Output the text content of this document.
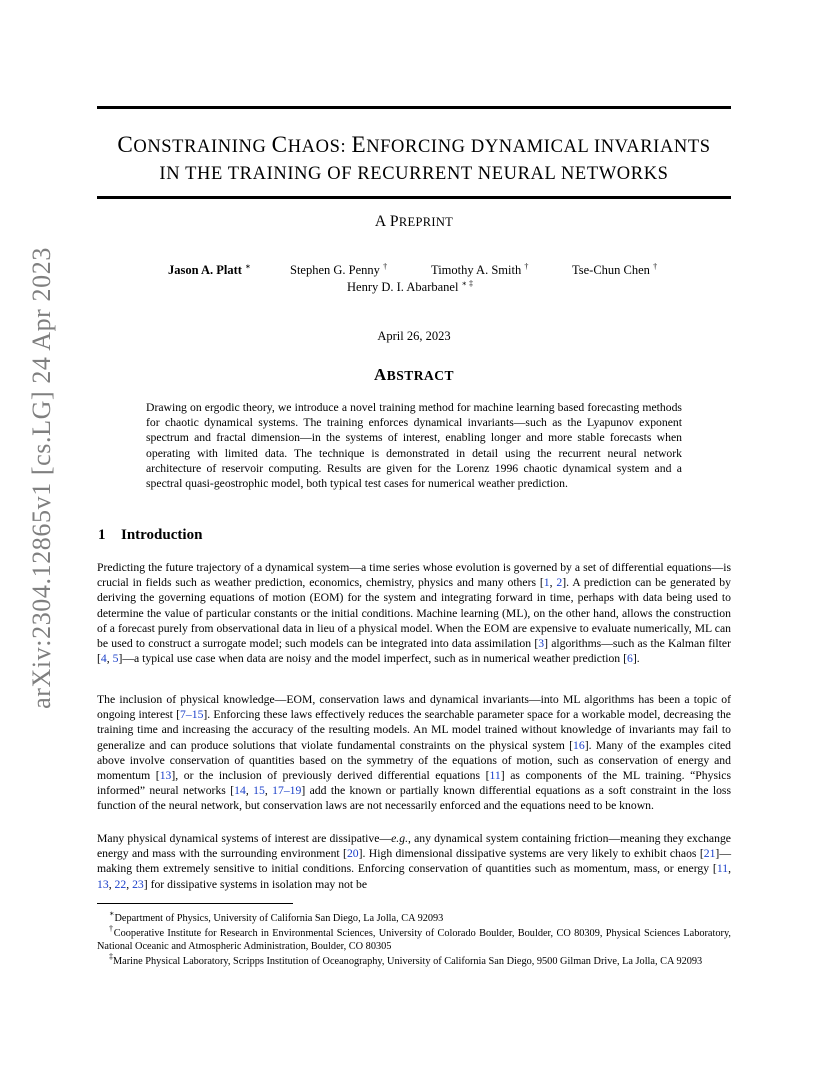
arXiv:2304.12865v1 [cs.LG] 24 Apr 2023
CONSTRAINING CHAOS: ENFORCING DYNAMICAL INVARIANTS
IN THE TRAINING OF RECURRENT NEURAL NETWORKS
A PREPRINT
Jason A. Platt ∗	Stephen G. Penny †	Timothy A. Smith †	Tse-Chun Chen †
Henry D. I. Abarbanel ∗ ‡
April 26, 2023
ABSTRACT
Drawing on ergodic theory, we introduce a novel training method for machine learning based forecasting methods for chaotic dynamical systems. The training enforces dynamical invariants—such as the Lyapunov exponent spectrum and fractal dimension—in the systems of interest, enabling longer and more stable forecasts when operating with limited data. The technique is demonstrated in detail using the recurrent neural network architecture of reservoir computing. Results are given for the Lorenz 1996 chaotic dynamical system and a spectral quasi-geostrophic model, both typical test cases for numerical weather prediction.
1 Introduction

Predicting the future trajectory of a dynamical system—a time series whose evolution is governed by a set of differential equations—is crucial in fields such as weather prediction, economics, chemistry, physics and many others [1, 2]. A prediction can be generated by deriving the governing equations of motion (EOM) for the system and integrating forward in time, perhaps with data being used to determine the value of particular constants or the initial conditions. Machine learning (ML), on the other hand, allows the construction of a forecast purely from observational data in lieu of a physical model. When the EOM are expensive to evaluate numerically, ML can be used to construct a surrogate model; such models can be integrated into data assimilation [3] algorithms—such as the Kalman filter [4, 5]—a typical use case when data are noisy and the model imperfect, such as in numerical weather prediction [6].

The inclusion of physical knowledge—EOM, conservation laws and dynamical invariants—into ML algorithms has been a topic of ongoing interest [7–15]. Enforcing these laws effectively reduces the searchable parameter space for a workable model, decreasing the training time and increasing the accuracy of the resulting models. An ML model trained without knowledge of invariants may fail to generalize and can produce solutions that violate fundamental constraints on the physical system [16]. Many of the examples cited above involve conservation of quantities based on the symmetry of the equations of motion, such as conservation of energy and momentum [13], or the inclusion of previously derived differential equations [11] as components of the ML training. “Physics informed” neural networks [14, 15, 17–19] add the known or partially known differential equations as a soft constraint in the loss function of the neural network, but conservation laws are not necessarily enforced and the equations need to be known.

Many physical dynamical systems of interest are dissipative—e.g., any dynamical system containing friction—meaning they exchange energy and mass with the surrounding environment [20]. High dimensional dissipative systems are very likely to exhibit chaos [21]—making them extremely sensitive to initial conditions. Enforcing conservation of quantities such as momentum, mass, or energy [11, 13, 22, 23] for dissipative systems in isolation may not be

∗Department of Physics, University of California San Diego, La Jolla, CA 92093

†Cooperative Institute for Research in Environmental Sciences, University of Colorado Boulder, Boulder, CO 80309, Physical Sciences Laboratory, National Oceanic and Atmospheric Administration, Boulder, CO 80305

‡Marine Physical Laboratory, Scripps Institution of Oceanography, University of California San Diego, 9500 Gilman Drive, La Jolla, CA 92093
